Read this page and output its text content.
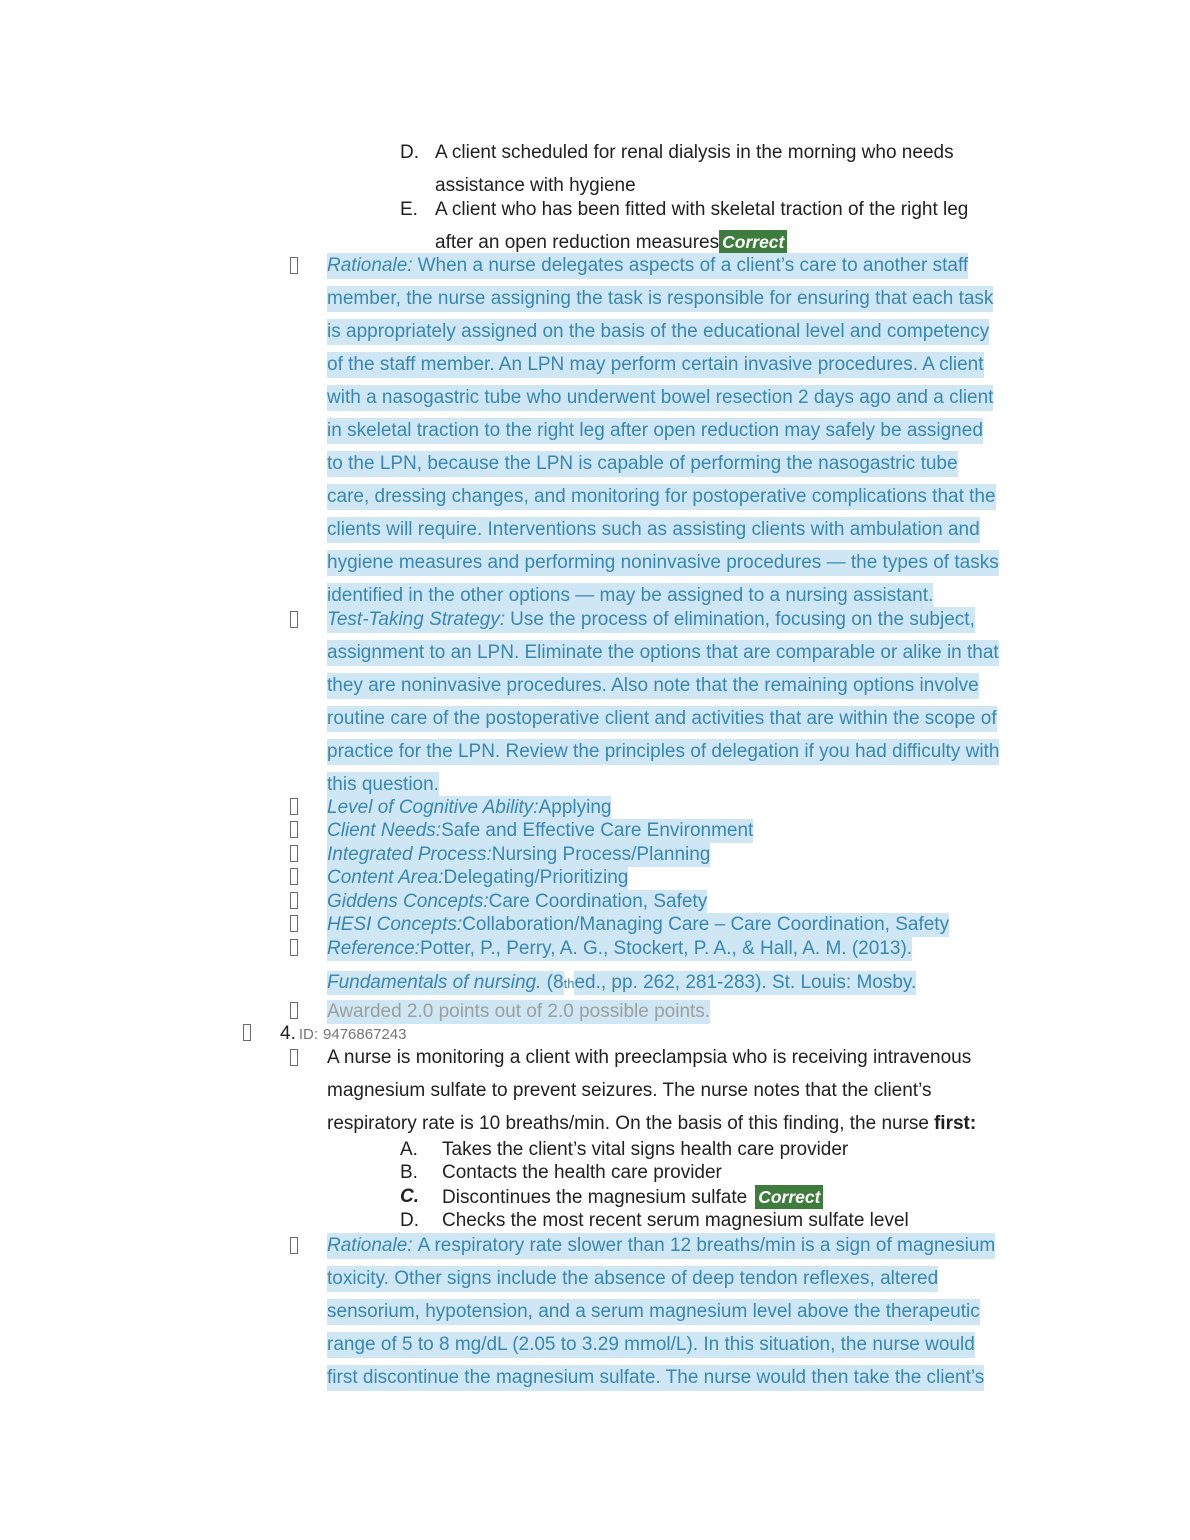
D. A client scheduled for renal dialysis in the morning who needs
assistance with hygiene
E. A client who has been fitted with skeletal traction of the right leg
after an open reduction measures Correct
Rationale: When a nurse delegates aspects of a client’s care to another staff
member, the nurse assigning the task is responsible for ensuring that each task
is appropriately assigned on the basis of the educational level and competency
of the staff member. An LPN may perform certain invasive procedures. A client
with a nasogastric tube who underwent bowel resection 2 days ago and a client
in skeletal traction to the right leg after open reduction may safely be assigned
to the LPN, because the LPN is capable of performing the nasogastric tube
care, dressing changes, and monitoring for postoperative complications that the
clients will require. Interventions such as assisting clients with ambulation and
hygiene measures and performing noninvasive procedures — the types of tasks
identified in the other options — may be assigned to a nursing assistant.
Test-Taking Strategy: Use the process of elimination, focusing on the subject,
assignment to an LPN. Eliminate the options that are comparable or alike in that
they are noninvasive procedures. Also note that the remaining options involve
routine care of the postoperative client and activities that are within the scope of
practice for the LPN. Review the principles of delegation if you had difficulty with
this question.
Level of Cognitive Ability:Applying
Client Needs:Safe and Effective Care Environment
Integrated Process:Nursing Process/Planning
Content Area:Delegating/Prioritizing
Giddens Concepts:Care Coordination, Safety
HESI Concepts:Collaboration/Managing Care – Care Coordination, Safety
Reference:Potter, P., Perry, A. G., Stockert, P. A., & Hall, A. M. (2013).
Fundamentals of nursing. (8thed., pp. 262, 281-283). St. Louis: Mosby.
Awarded 2.0 points out of 2.0 possible points.
4. ID: 9476867243
A nurse is monitoring a client with preeclampsia who is receiving intravenous
magnesium sulfate to prevent seizures. The nurse notes that the client’s
respiratory rate is 10 breaths/min. On the basis of this finding, the nurse first:
A. Takes the client’s vital signs health care provider
B. Contacts the health care provider
C. Discontinues the magnesium sulfate Correct
D. Checks the most recent serum magnesium sulfate level
Rationale: A respiratory rate slower than 12 breaths/min is a sign of magnesium
toxicity. Other signs include the absence of deep tendon reflexes, altered
sensorium, hypotension, and a serum magnesium level above the therapeutic
range of 5 to 8 mg/dL (2.05 to 3.29 mmol/L). In this situation, the nurse would
first discontinue the magnesium sulfate. The nurse would then take the client’s
